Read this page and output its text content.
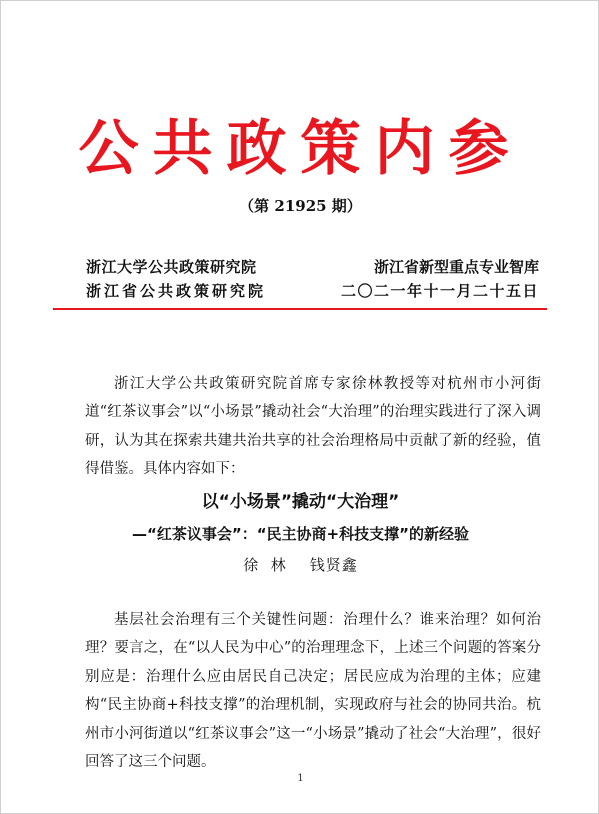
公共政策内参
（第 21925 期）
浙江大学公共政策研究院	浙江省新型重点专业智库
浙江省公共政策研究院	二〇二一年十一月二十五日

浙江大学公共政策研究院首席专家徐林教授等对杭州市小河街道“红茶议事会”以“小场景”撬动社会“大治理”的治理实践进行了深入调研，认为其在探索共建共治共享的社会治理格局中贡献了新的经验，值得借鉴。具体内容如下：

以“小场景”撬动“大治理”
—“红茶议事会”：“民主协商+科技支撑”的新经验
徐  林    钱贤鑫

基层社会治理有三个关键性问题：治理什么？谁来治理？如何治理？要言之，在“以人民为中心”的治理理念下，上述三个问题的答案分别应是：治理什么应由居民自己决定；居民应成为治理的主体；应建构“民主协商+科技支撑”的治理机制，实现政府与社会的协同共治。杭州市小河街道以“红茶议事会”这一“小场景”撬动了社会“大治理”，很好回答了这三个问题。

1
